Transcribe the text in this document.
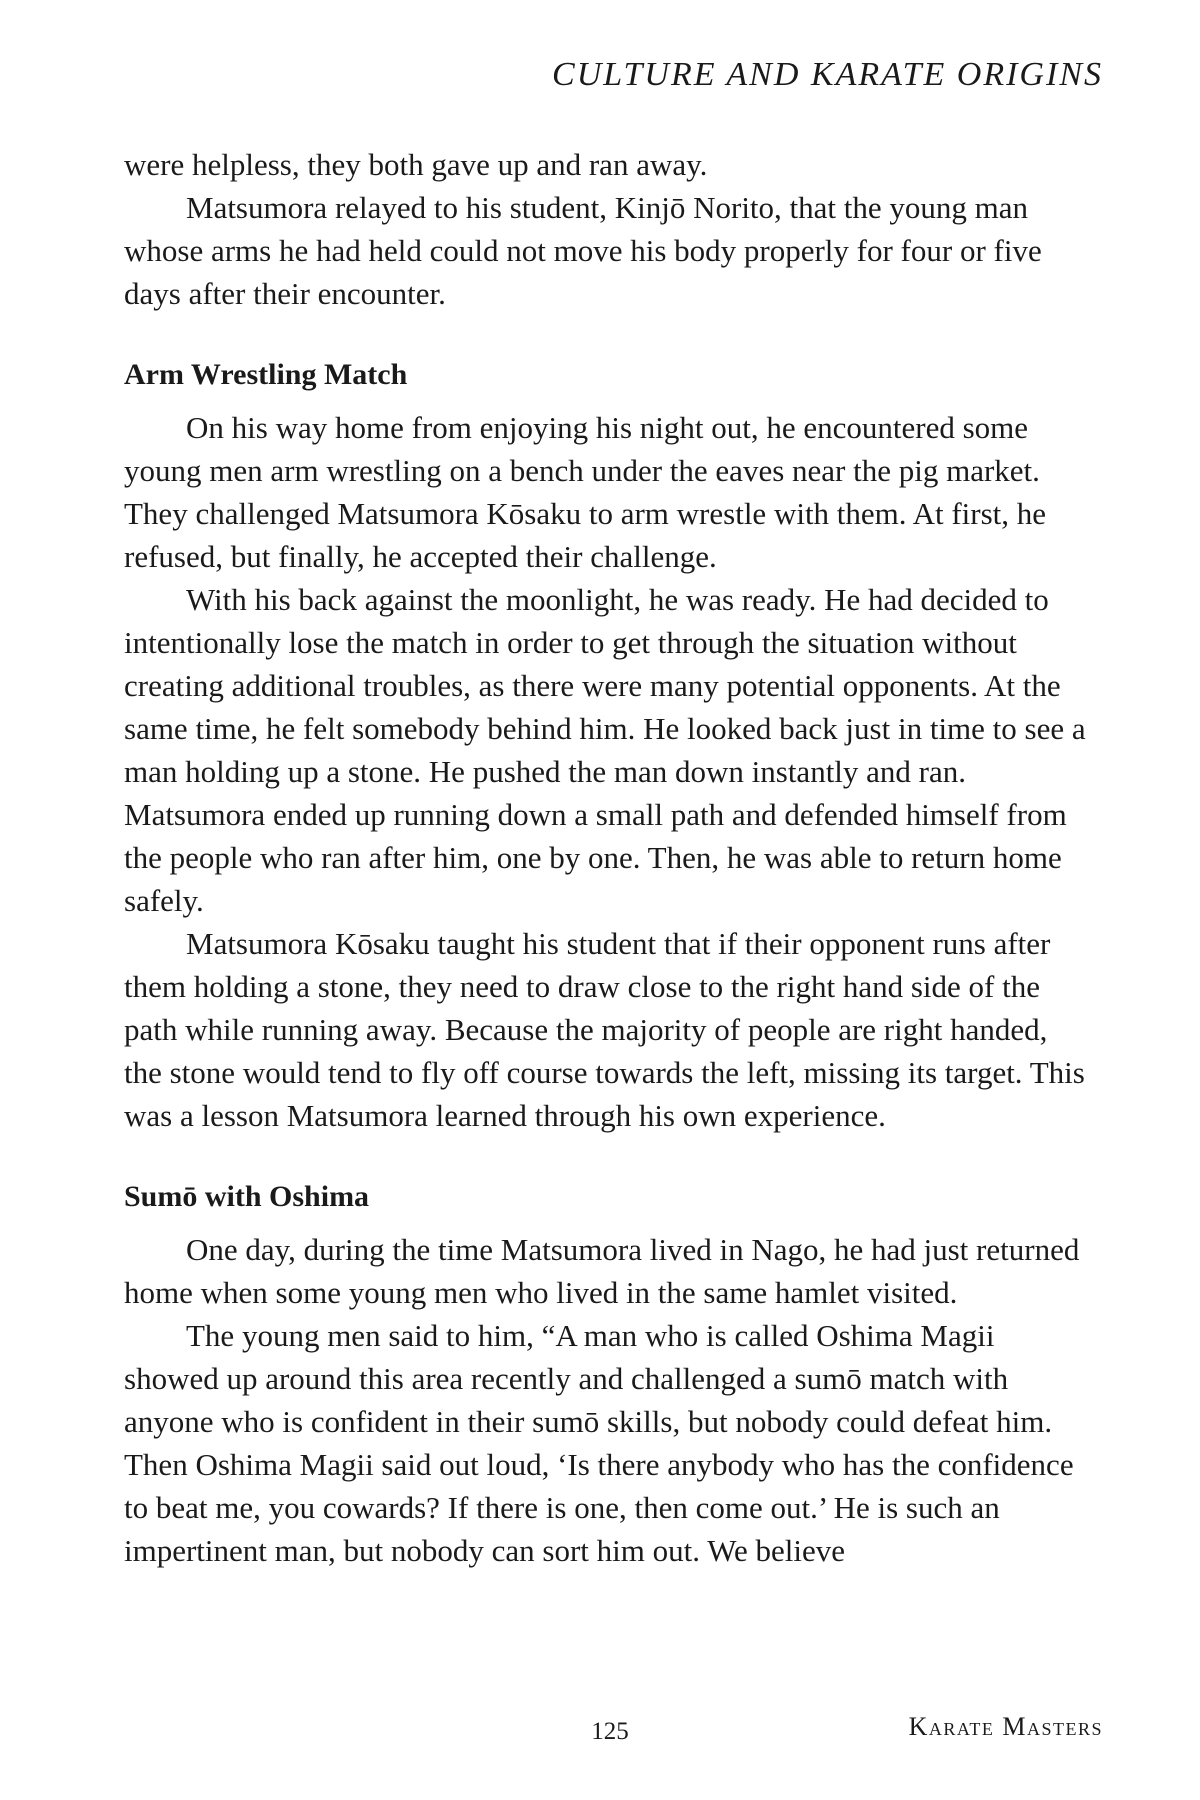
CULTURE AND KARATE ORIGINS

were helpless, they both gave up and ran away.

Matsumora relayed to his student, Kinjō Norito, that the young man whose arms he had held could not move his body properly for four or five days after their encounter.

Arm Wrestling Match

On his way home from enjoying his night out, he encountered some young men arm wrestling on a bench under the eaves near the pig market. They challenged Matsumora Kōsaku to arm wrestle with them. At first, he refused, but finally, he accepted their challenge.

With his back against the moonlight, he was ready. He had decided to intentionally lose the match in order to get through the situation without creating additional troubles, as there were many potential opponents. At the same time, he felt somebody behind him. He looked back just in time to see a man holding up a stone. He pushed the man down instantly and ran. Matsumora ended up running down a small path and defended himself from the people who ran after him, one by one. Then, he was able to return home safely.

Matsumora Kōsaku taught his student that if their opponent runs after them holding a stone, they need to draw close to the right hand side of the path while running away. Because the majority of people are right handed, the stone would tend to fly off course towards the left, missing its target. This was a lesson Matsumora learned through his own experience.

Sumō with Oshima

One day, during the time Matsumora lived in Nago, he had just returned home when some young men who lived in the same hamlet visited.

The young men said to him, “A man who is called Oshima Magii showed up around this area recently and challenged a sumō match with anyone who is confident in their sumō skills, but nobody could defeat him. Then Oshima Magii said out loud, ‘Is there anybody who has the confidence to beat me, you cowards? If there is one, then come out.’ He is such an impertinent man, but nobody can sort him out. We believe

125	Karate Masters
